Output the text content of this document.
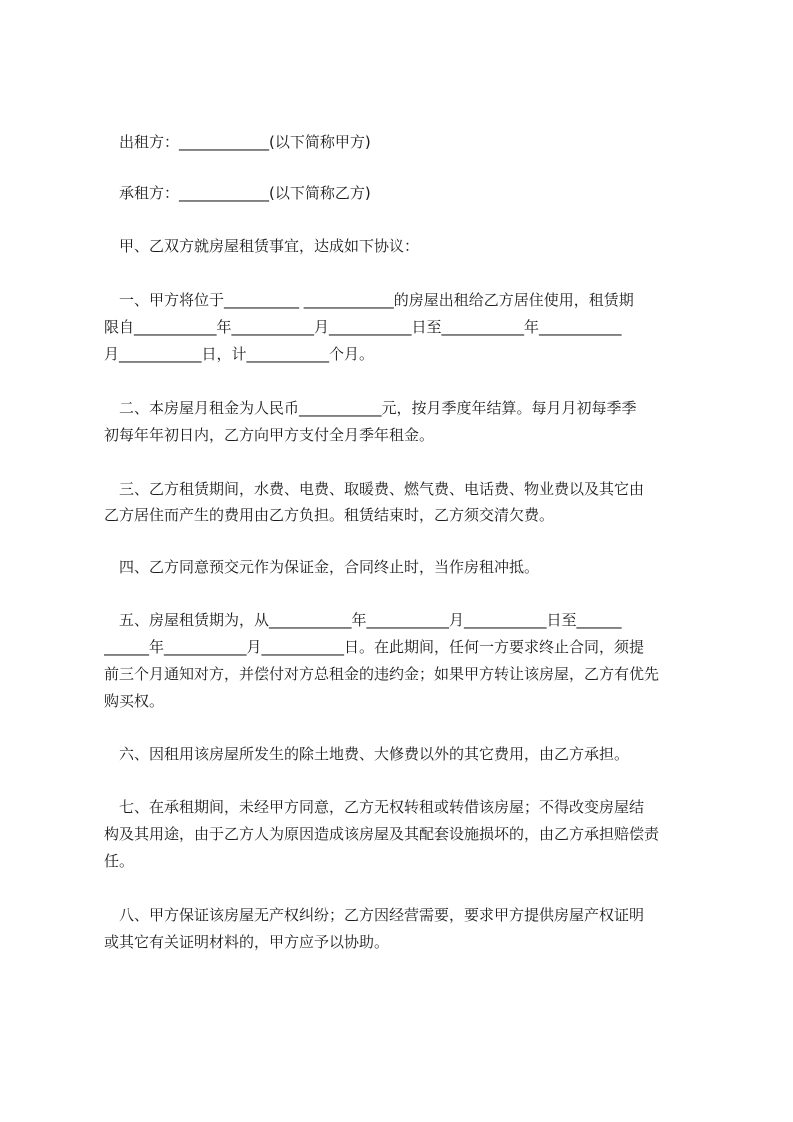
　出租方：____________(以下简称甲方)
　承租方：____________(以下简称乙方)
　甲、乙双方就房屋租赁事宜，达成如下协议：
　一、甲方将位于__________ ____________的房屋出租给乙方居住使用，租赁期
限自___________年___________月___________日至___________年___________
月___________日，计___________个月。
　二、本房屋月租金为人民币___________元，按月季度年结算。每月月初每季季
初每年年初日内，乙方向甲方支付全月季年租金。
　三、乙方租赁期间，水费、电费、取暖费、燃气费、电话费、物业费以及其它由
乙方居住而产生的费用由乙方负担。租赁结束时，乙方须交清欠费。
　四、乙方同意预交元作为保证金，合同终止时，当作房租冲抵。
　五、房屋租赁期为，从___________年___________月___________日至______
______年___________月___________日。在此期间，任何一方要求终止合同，须提
前三个月通知对方，并偿付对方总租金的违约金；如果甲方转让该房屋，乙方有优先
购买权。
　六、因租用该房屋所发生的除土地费、大修费以外的其它费用，由乙方承担。
　七、在承租期间，未经甲方同意，乙方无权转租或转借该房屋；不得改变房屋结
构及其用途，由于乙方人为原因造成该房屋及其配套设施损坏的，由乙方承担赔偿责
任。
　八、甲方保证该房屋无产权纠纷；乙方因经营需要，要求甲方提供房屋产权证明
或其它有关证明材料的，甲方应予以协助。
